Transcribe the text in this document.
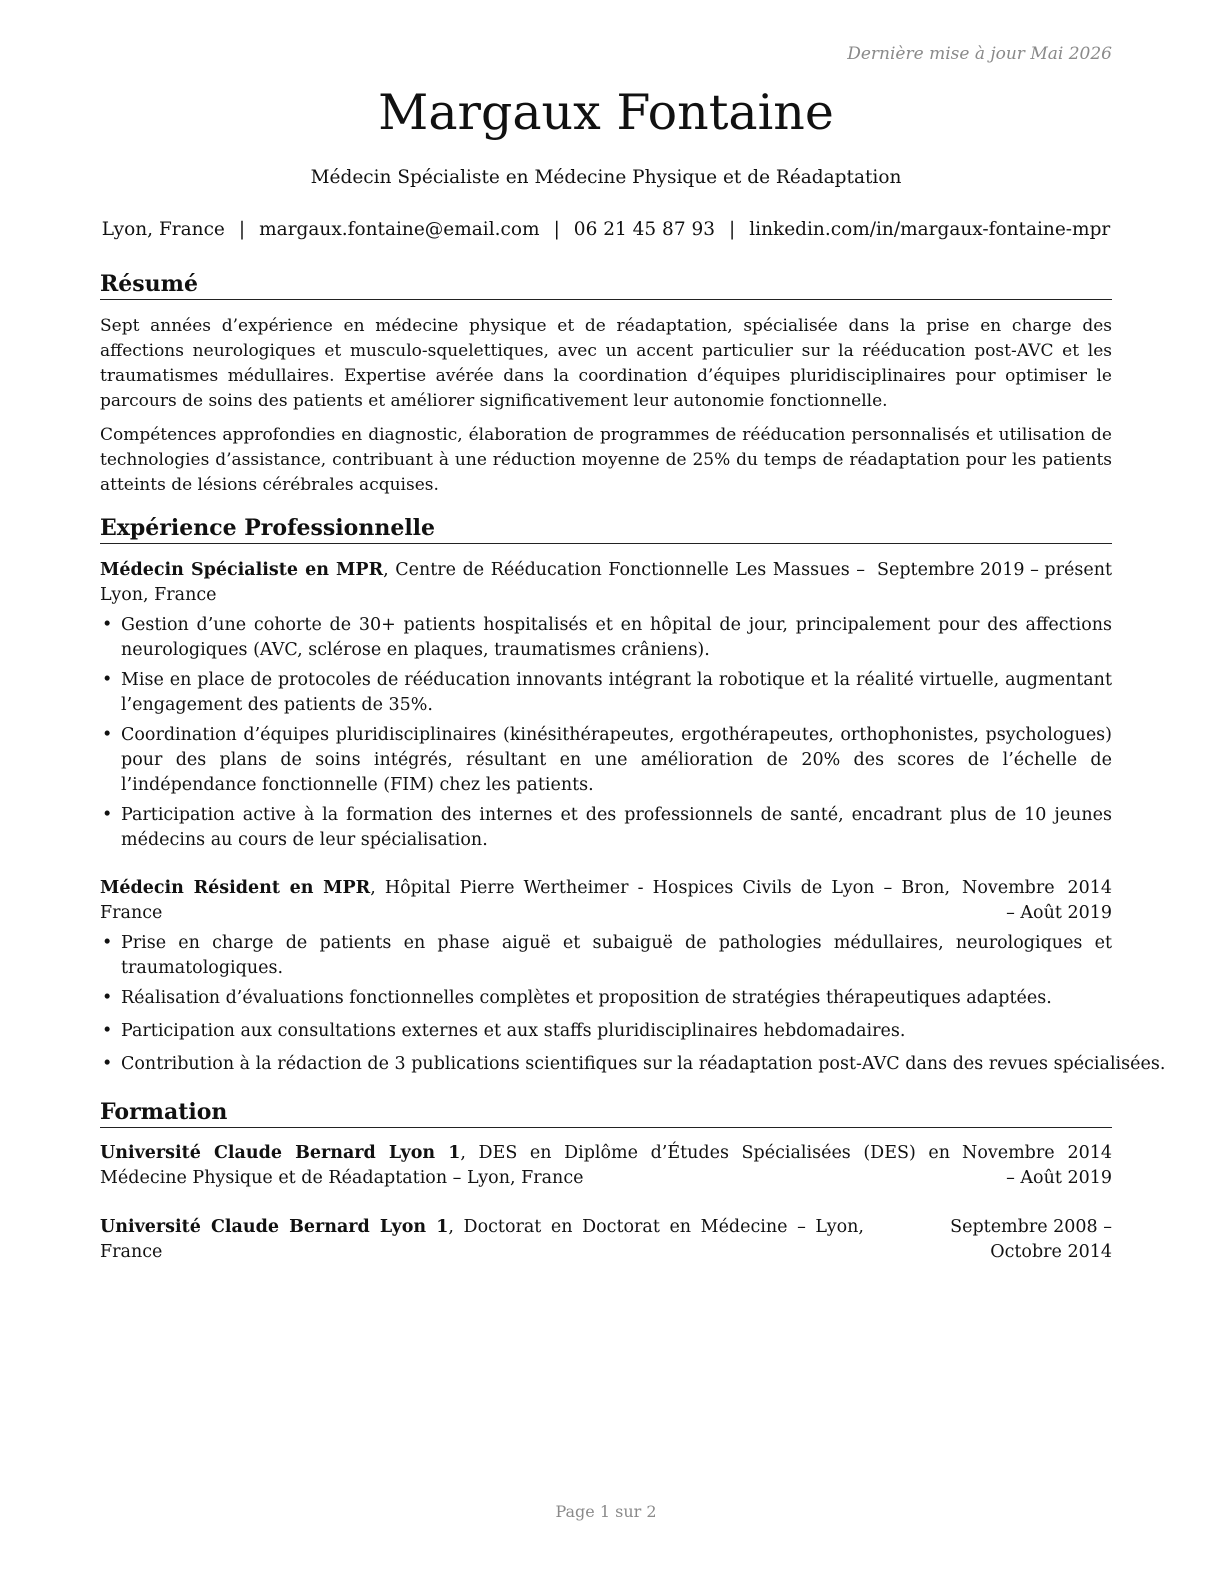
Dernière mise à jour Mai 2026
Margaux Fontaine
Médecin Spécialiste en Médecine Physique et de Réadaptation
Lyon, France | margaux.fontaine@email.com | 06 21 45 87 93 | linkedin.com/in/margaux-fontaine-mpr
Résumé
Sept années d’expérience en médecine physique et de réadaptation, spécialisée dans la prise en charge des affections neurologiques et musculo-squelettiques, avec un accent particulier sur la rééducation post-AVC et les traumatismes médullaires. Expertise avérée dans la coordination d’équipes pluridisciplinaires pour optimiser le parcours de soins des patients et améliorer significativement leur autonomie fonctionnelle.
Compétences approfondies en diagnostic, élaboration de programmes de rééducation personnalisés et utilisation de technologies d’assistance, contribuant à une réduction moyenne de 25% du temps de réadaptation pour les patients atteints de lésions cérébrales acquises.
Expérience Professionnelle
Médecin Spécialiste en MPR, Centre de Rééducation Fonctionnelle Les Massues – Lyon, France
Septembre 2019 – présent
• Gestion d’une cohorte de 30+ patients hospitalisés et en hôpital de jour, principalement pour des affections neurologiques (AVC, sclérose en plaques, traumatismes crâniens).
• Mise en place de protocoles de rééducation innovants intégrant la robotique et la réalité virtuelle, augmentant l’engagement des patients de 35%.
• Coordination d’équipes pluridisciplinaires (kinésithérapeutes, ergothérapeutes, orthophonistes, psychologues) pour des plans de soins intégrés, résultant en une amélioration de 20% des scores de l’échelle de l’indépendance fonctionnelle (FIM) chez les patients.
• Participation active à la formation des internes et des professionnels de santé, encadrant plus de 10 jeunes médecins au cours de leur spécialisation.
Médecin Résident en MPR, Hôpital Pierre Wertheimer - Hospices Civils de Lyon – Bron, France
Novembre 2014 – Août 2019
• Prise en charge de patients en phase aiguë et subaiguë de pathologies médullaires, neurologiques et traumatologiques.
• Réalisation d’évaluations fonctionnelles complètes et proposition de stratégies thérapeutiques adaptées.
• Participation aux consultations externes et aux staffs pluridisciplinaires hebdomadaires.
• Contribution à la rédaction de 3 publications scientifiques sur la réadaptation post-AVC dans des revues spécialisées.
Formation
Université Claude Bernard Lyon 1, DES en Diplôme d’Études Spécialisées (DES) en Médecine Physique et de Réadaptation – Lyon, France
Novembre 2014 – Août 2019
Université Claude Bernard Lyon 1, Doctorat en Doctorat en Médecine – Lyon, France
Septembre 2008 – Octobre 2014
Page 1 sur 2
